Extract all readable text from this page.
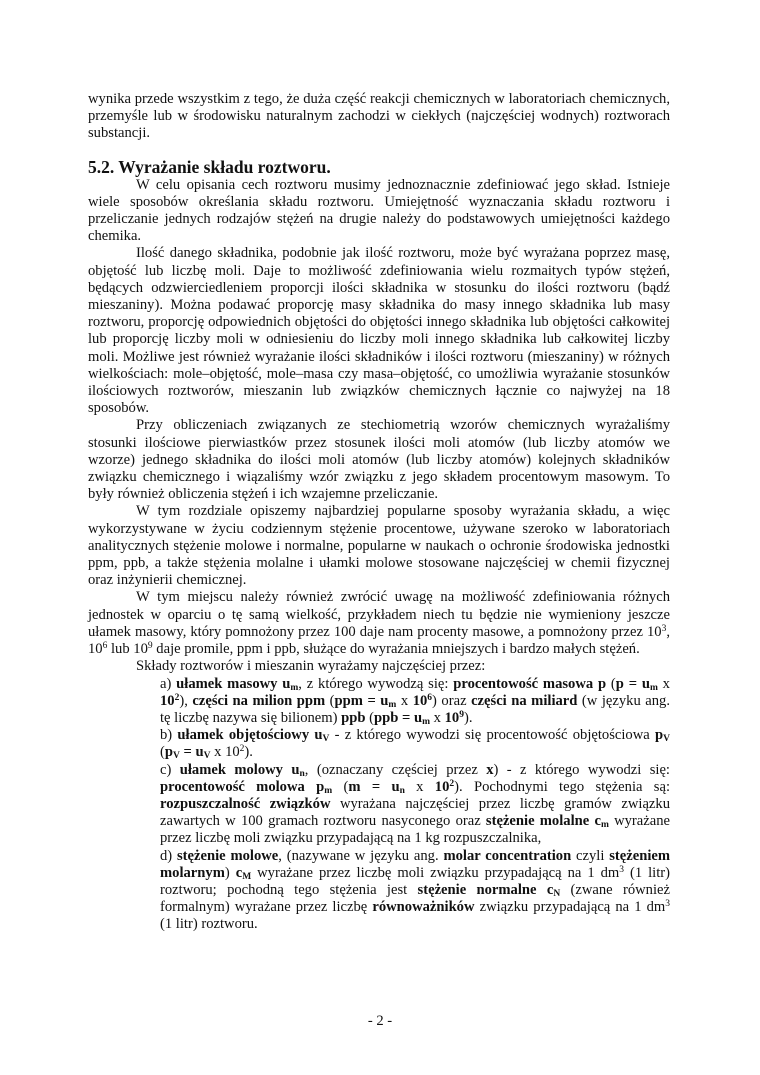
wynika przede wszystkim z tego, że duża część reakcji chemicznych w laboratoriach chemicznych, przemyśle lub w środowisku naturalnym zachodzi w ciekłych (najczęściej wodnych) roztworach substancji.

5.2. Wyrażanie składu roztworu.

W celu opisania cech roztworu musimy jednoznacznie zdefiniować jego skład. Istnieje wiele sposobów określania składu roztworu. Umiejętność wyznaczania składu roztworu i przeliczanie jednych rodzajów stężeń na drugie należy do podstawowych umiejętności każdego chemika.

Ilość danego składnika, podobnie jak ilość roztworu, może być wyrażana poprzez masę, objętość lub liczbę moli. Daje to możliwość zdefiniowania wielu rozmaitych typów stężeń, będących odzwierciedleniem proporcji ilości składnika w stosunku do ilości roztworu (bądź mieszaniny). Można podawać proporcję masy składnika do masy innego składnika lub masy roztworu, proporcję odpowiednich objętości do objętości innego składnika lub objętości całkowitej lub proporcję liczby moli w odniesieniu do liczby moli innego składnika lub całkowitej liczby moli. Możliwe jest również wyrażanie ilości składników i ilości roztworu (mieszaniny) w różnych wielkościach: mole–objętość, mole–masa czy masa–objętość, co umożliwia wyrażanie stosunków ilościowych roztworów, mieszanin lub związków chemicznych łącznie co najwyżej na 18 sposobów.

Przy obliczeniach związanych ze stechiometrią wzorów chemicznych wyrażaliśmy stosunki ilościowe pierwiastków przez stosunek ilości moli atomów (lub liczby atomów we wzorze) jednego składnika do ilości moli atomów (lub liczby atomów) kolejnych składników związku chemicznego i wiązaliśmy wzór związku z jego składem procentowym masowym. To były również obliczenia stężeń i ich wzajemne przeliczanie.

W tym rozdziale opiszemy najbardziej popularne sposoby wyrażania składu, a więc wykorzystywane w życiu codziennym stężenie procentowe, używane szeroko w laboratoriach analitycznych stężenie molowe i normalne, popularne w naukach o ochronie środowiska jednostki ppm, ppb, a także stężenia molalne i ułamki molowe stosowane najczęściej w chemii fizycznej oraz inżynierii chemicznej.

W tym miejscu należy również zwrócić uwagę na możliwość zdefiniowania różnych jednostek w oparciu o tę samą wielkość, przykładem niech tu będzie nie wymieniony jeszcze ułamek masowy, który pomnożony przez 100 daje nam procenty masowe, a pomnożony przez $10^3$, $10^6$ lub $10^9$ daje promile, ppm i ppb, służące do wyrażania mniejszych i bardzo małych stężeń.

Składy roztworów i mieszanin wyrażamy najczęściej przez:

a) ułamek masowy $u_m$, z którego wywodzą się: procentowość masowa p ($p = u_m$ x $10^2$), części na milion ppm ($ppm = u_m$ x $10^6$) oraz części na miliard (w języku ang. tę liczbę nazywa się bilionem) ppb ($ppb = u_m$ x $10^9$).

b) ułamek objętościowy $u_V$ - z którego wywodzi się procentowość objętościowa $p_V$ ($p_V = u_V$ x $10^2$).

c) ułamek molowy $u_n$, (oznaczany częściej przez x) - z którego wywodzi się: procentowość molowa $p_m$ ($m = u_n$ x $10^2$). Pochodnymi tego stężenia są: rozpuszczalność związków wyrażana najczęściej przez liczbę gramów związku zawartych w 100 gramach roztworu nasyconego oraz stężenie molalne $c_m$ wyrażane przez liczbę moli związku przypadającą na 1 kg rozpuszczalnika,

d) stężenie molowe, (nazywane w języku ang. molar concentration czyli stężeniem molarnym) $c_M$ wyrażane przez liczbę moli związku przypadającą na 1 $dm^3$ (1 litr) roztworu; pochodną tego stężenia jest stężenie normalne $c_N$ (zwane również formalnym) wyrażane przez liczbę równoważników związku przypadającą na 1 $dm^3$ (1 litr) roztworu.

- 2 -
